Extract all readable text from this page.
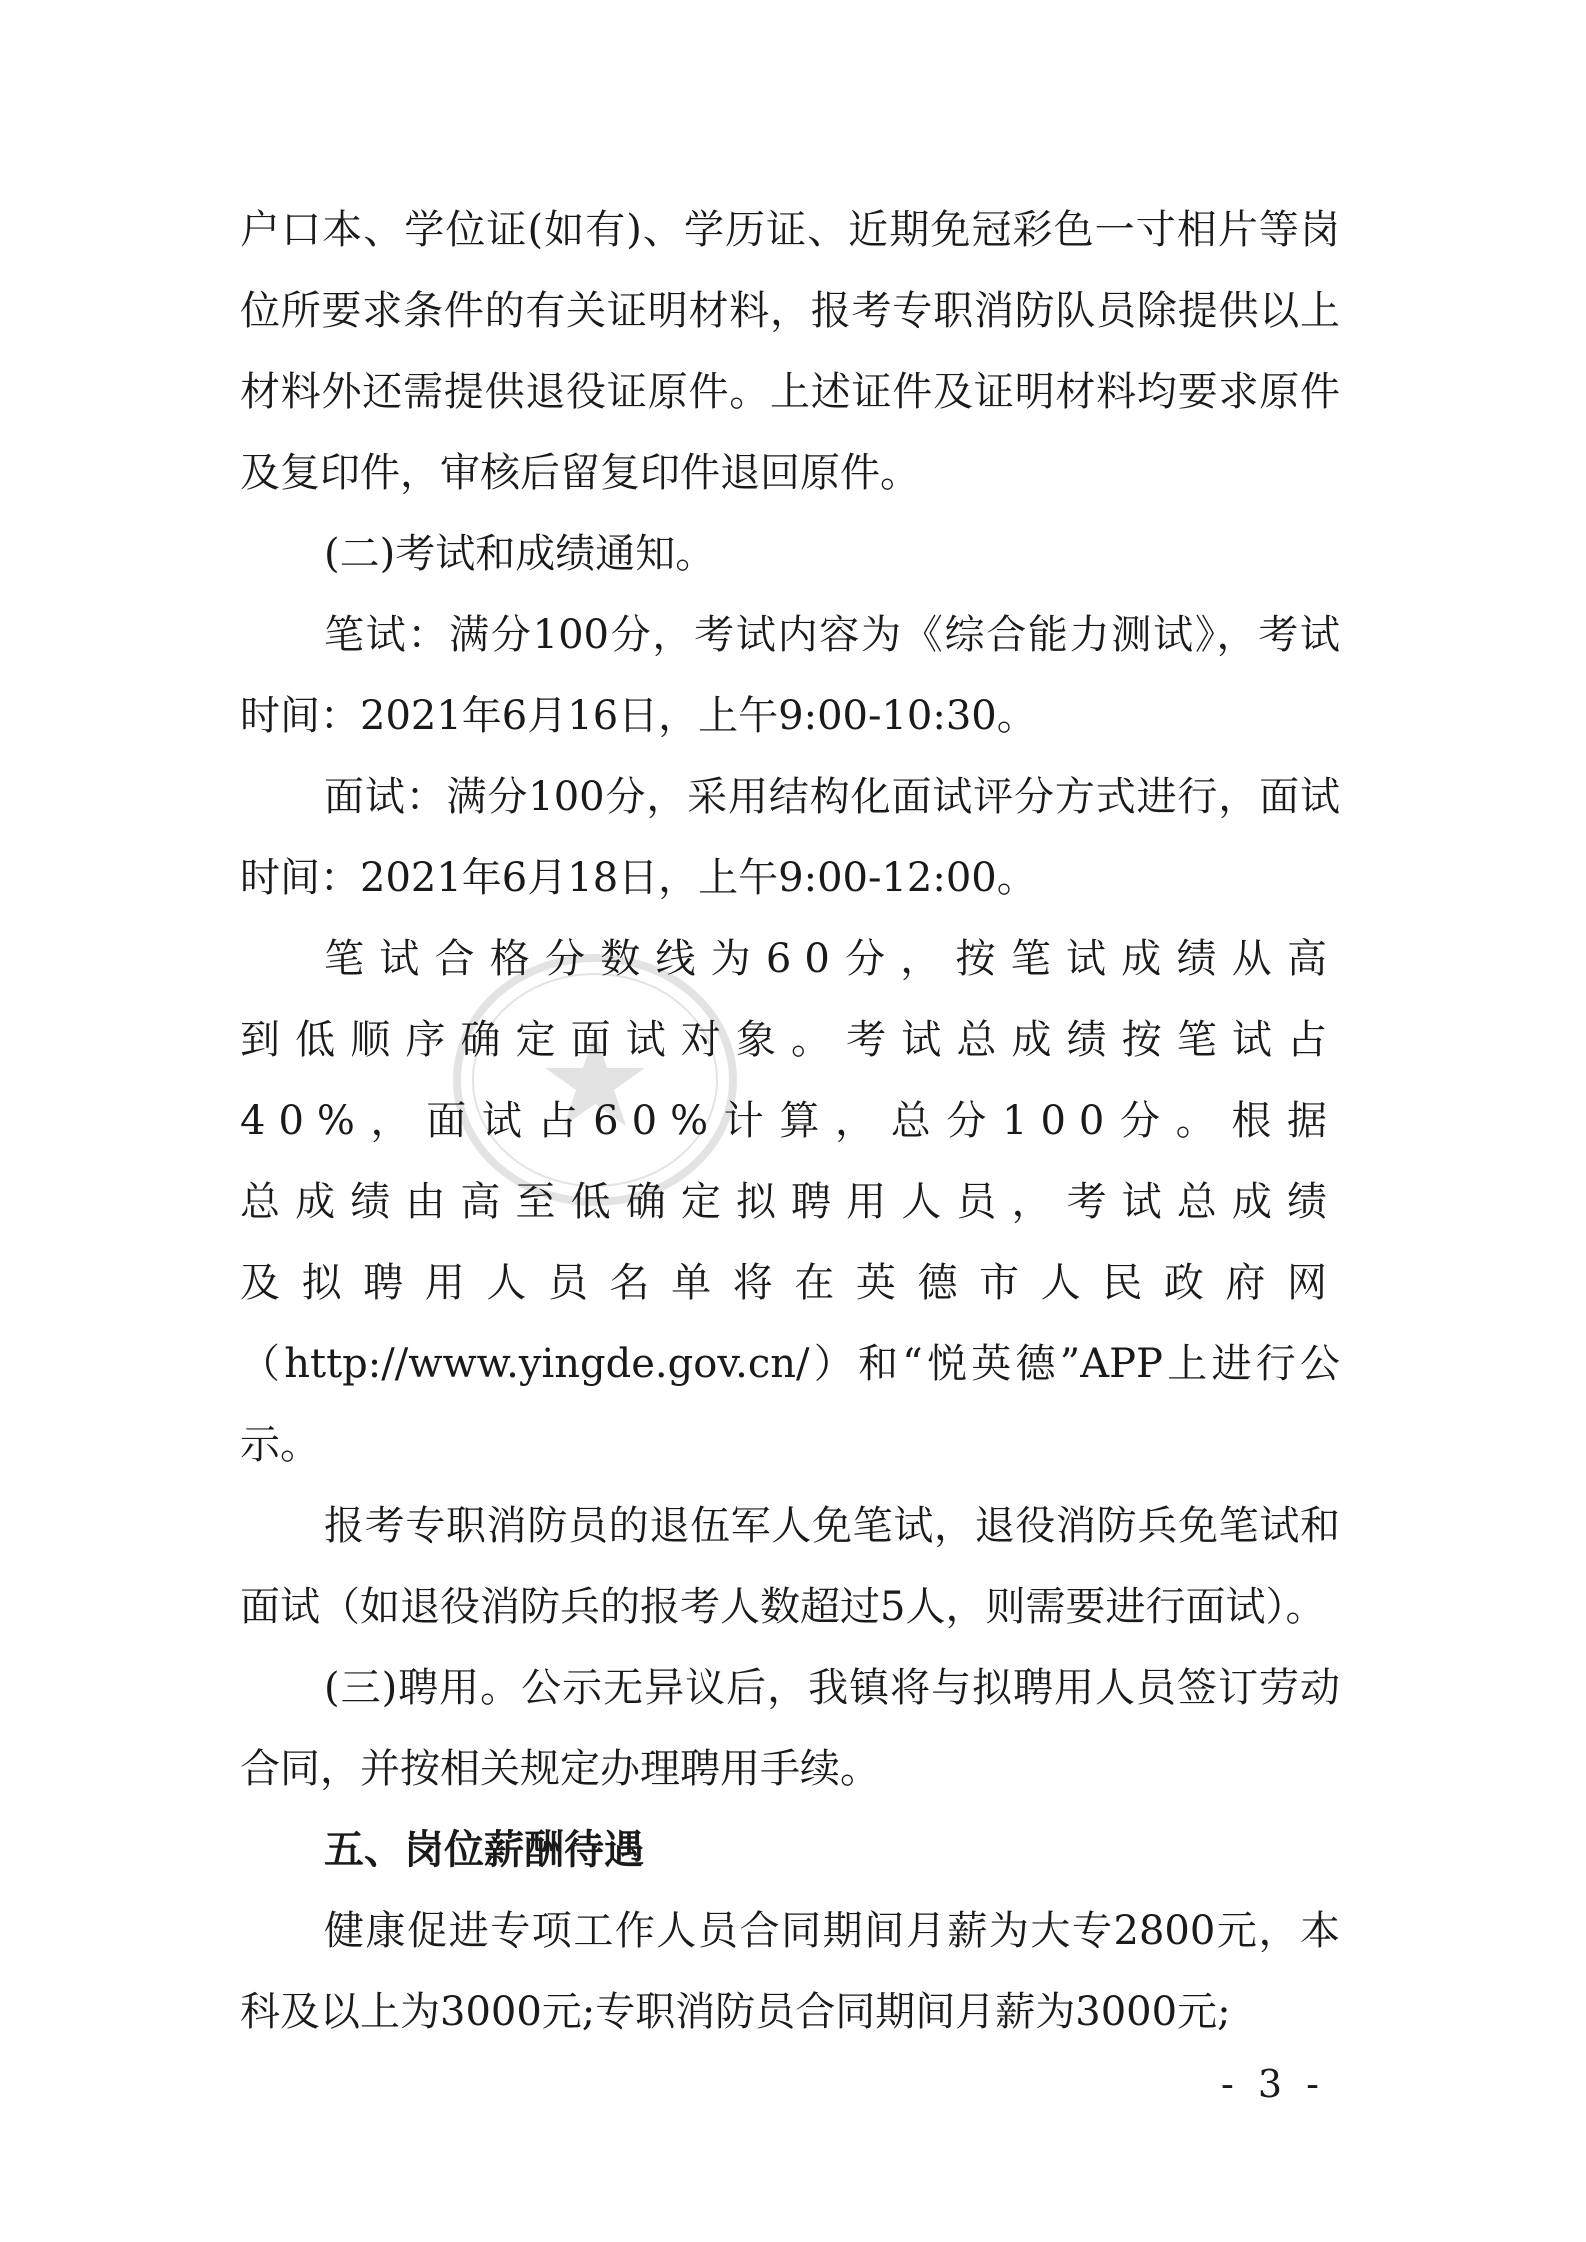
户口本、学位证(如有)、学历证、近期免冠彩色一寸相片等岗位所要求条件的有关证明材料，报考专职消防队员除提供以上材料外还需提供退役证原件。上述证件及证明材料均要求原件及复印件，审核后留复印件退回原件。

(二)考试和成绩通知。

笔试：满分100分，考试内容为《综合能力测试》，考试时间：2021年6月16日，上午9:00-10:30。

面试：满分100分，采用结构化面试评分方式进行，面试时间：2021年6月18日，上午9:00-12:00。

笔试合格分数线为60分，按笔试成绩从高到低顺序确定面试对象。考试总成绩按笔试占40%，面试占60%计算，总分100分。根据总成绩由高至低确定拟聘用人员，考试总成绩及拟聘用人员名单将在英德市人民政府网

（http://www.yingde.gov.cn/）和“悦英德”APP上进行公示。

报考专职消防员的退伍军人免笔试，退役消防兵免笔试和面试（如退役消防兵的报考人数超过5人，则需要进行面试）。

(三)聘用。公示无异议后，我镇将与拟聘用人员签订劳动合同，并按相关规定办理聘用手续。

五、岗位薪酬待遇

健康促进专项工作人员合同期间月薪为大专2800元，本科及以上为3000元;专职消防员合同期间月薪为3000元;

- 3 -
